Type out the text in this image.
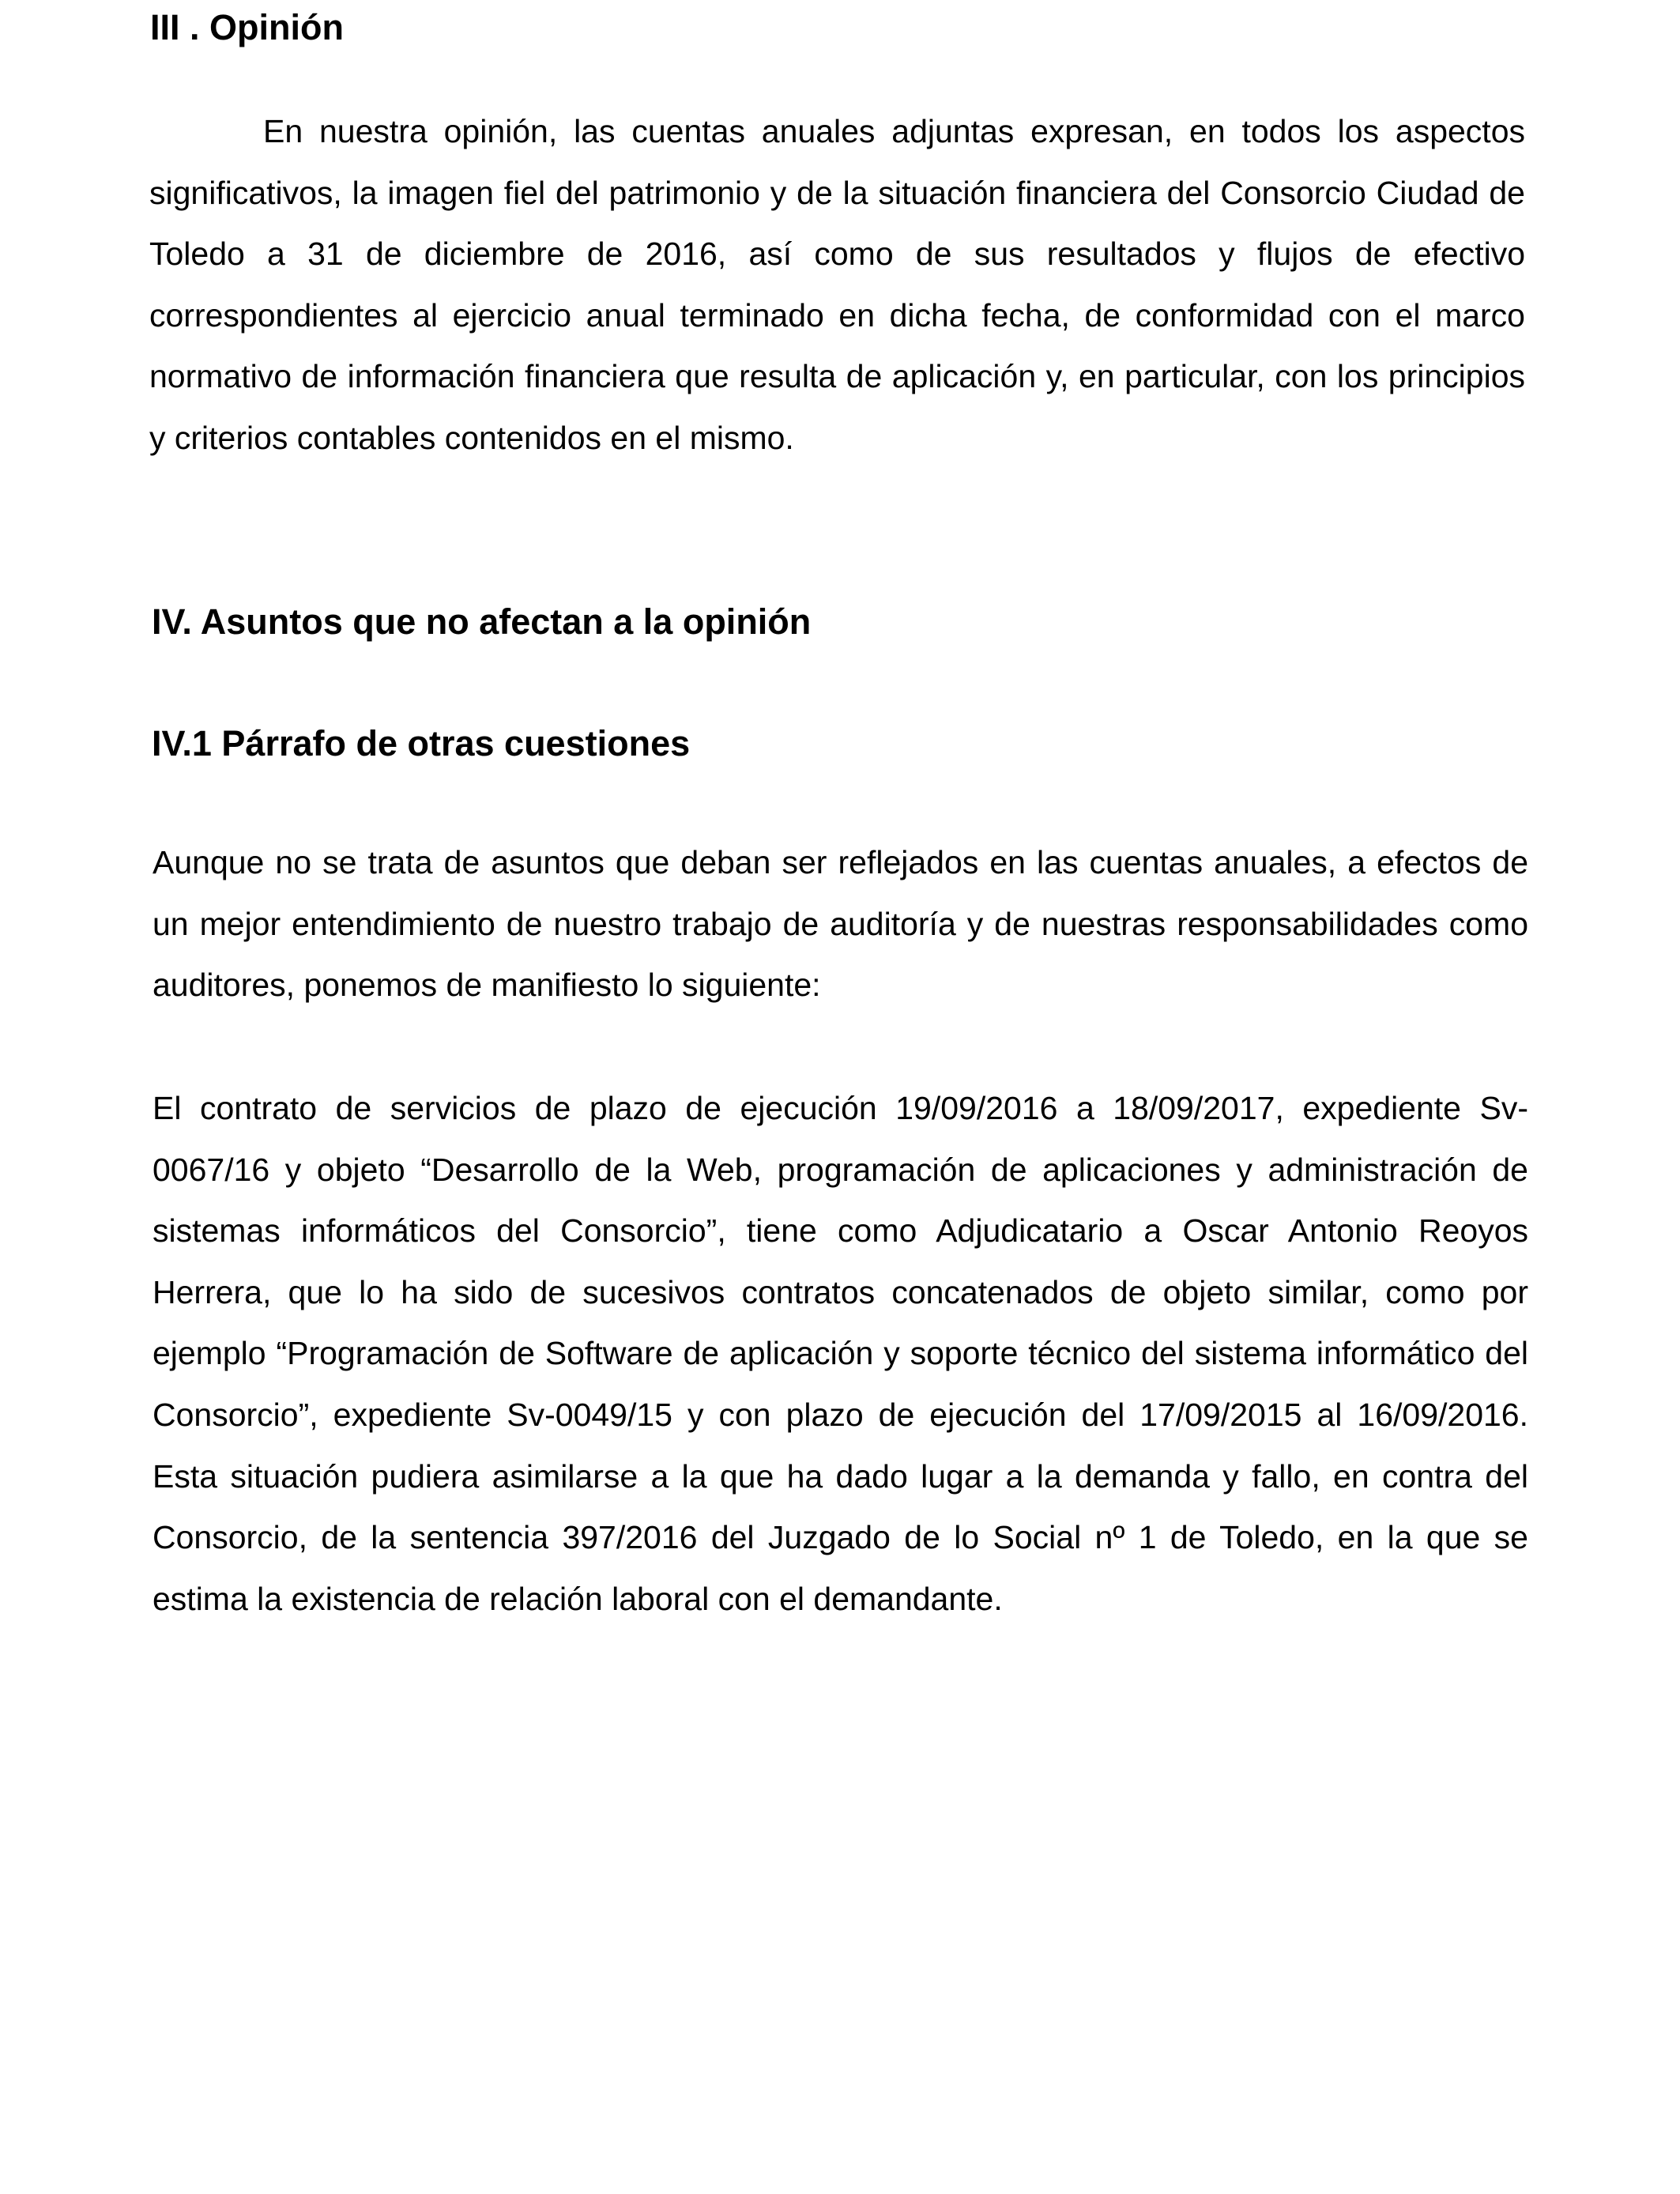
III . Opinión

En nuestra opinión, las cuentas anuales adjuntas expresan, en todos los aspectos significativos, la imagen fiel del patrimonio y de la situación financiera del Consorcio Ciudad de Toledo a 31 de diciembre de 2016, así como de sus resultados y flujos de efectivo correspondientes al ejercicio anual terminado en dicha fecha, de conformidad con el marco normativo de información financiera que resulta de aplicación y, en particular, con los principios y criterios contables contenidos en el mismo.

IV. Asuntos que no afectan a la opinión
IV.1 Párrafo de otras cuestiones

Aunque no se trata de asuntos que deban ser reflejados en las cuentas anuales, a efectos de un mejor entendimiento de nuestro trabajo de auditoría y de nuestras responsabilidades como auditores, ponemos de manifiesto lo siguiente:

El contrato de servicios de plazo de ejecución 19/09/2016 a 18/09/2017, expediente Sv-0067/16 y objeto “Desarrollo de la Web, programación de aplicaciones y administración de sistemas informáticos del Consorcio”, tiene como Adjudicatario a Oscar Antonio Reoyos Herrera, que lo ha sido de sucesivos contratos concatenados de objeto similar, como por ejemplo “Programación de Software de aplicación y soporte técnico del sistema informático del Consorcio”, expediente Sv-0049/15 y con plazo de ejecución del 17/09/2015 al 16/09/2016. Esta situación pudiera asimilarse a la que ha dado lugar a la demanda y fallo, en contra del Consorcio, de la sentencia 397/2016 del Juzgado de lo Social nº 1 de Toledo, en la que se estima la existencia de relación laboral con el demandante.
